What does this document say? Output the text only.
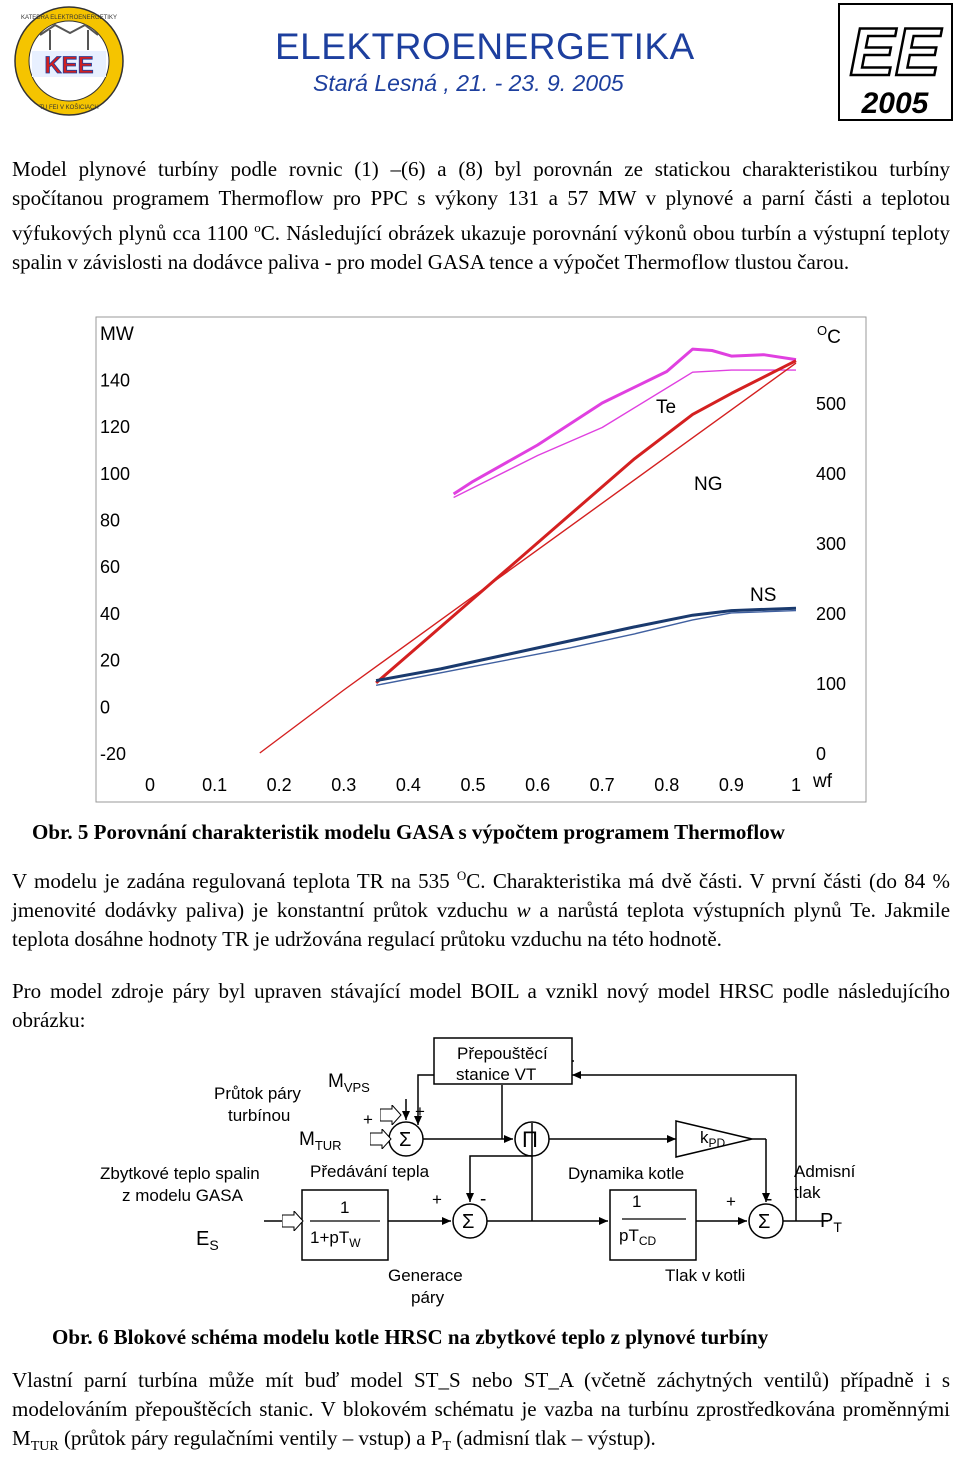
KEE
KATEDRA ELEKTROENERGETIKY
TU FEI V KOŠICIACH
ELEKTROENERGETIKA
Stará Lesná , 21. - 23. 9. 2005	EE
2005
Model plynové turbíny podle rovnic (1) –(6) a (8) byl porovnán ze statickou charakteristikou turbíny spočítanou programem Thermoflow pro PPC s výkony 131 a 57 MW v plynové a parní části a teplotou výfukových plynů cca 1100 $^o$C. Následující obrázek ukazuje porovnání výkonů obou turbín a výstupní teploty spalin v závislosti na dodávce paliva - pro model GASA tence a výpočet Thermoflow tlustou čarou.
MW	$^O$C
wf
140
120
100
80
60
40
20
0
-20
500
400
300
200
100
0
0	0.1 0.2 0.3 0.4 0.5 0.6 0.7 0.8 0.9	1
Te
NG
NS
Obr. 5 Porovnání charakteristik modelu GASA s výpočtem programem Thermoflow
V modelu je zadána regulovaná teplota TR na 535 $^O$C. Charakteristika má dvě části. V první části (do 84 % jmenovité dodávky paliva) je konstantní průtok vzduchu w a narůstá teplota výstupních plynů Te. Jakmile teplota dosáhne hodnoty TR je udržována regulací průtoku vzduchu na této hodnotě.
Pro model zdroje páry byl upraven stávající model BOIL a vznikl nový model HRSC podle následujícího obrázku:
Průtok páry
turbínou
$M_{VPS}$
$M_{TUR}$
+ +
Σ	Π
Přepouštěcí
stanice VT
$k_{PD}$
Zbytkové teplo spalin
z modelu GASA
$E_S$
Předávání tepla
1
$1+pT_W$
+ -
Σ
Dynamika kotle
1
$pT_{CD}$
+ -
Σ
Admisní
tlak
$P_T$
Generace
páry
Tlak v kotli
Obr. 6 Blokové schéma modelu kotle HRSC na zbytkové teplo z plynové turbíny
Vlastní parní turbína může mít buď model ST_S nebo ST_A (včetně záchytných ventilů) případně i s modelováním přepouštěcích stanic. V blokovém schématu je vazba na turbínu zprostředkována proměnnými $M_{TUR}$ (průtok páry regulačními ventily – vstup) a $P_T$ (admisní tlak – výstup).
